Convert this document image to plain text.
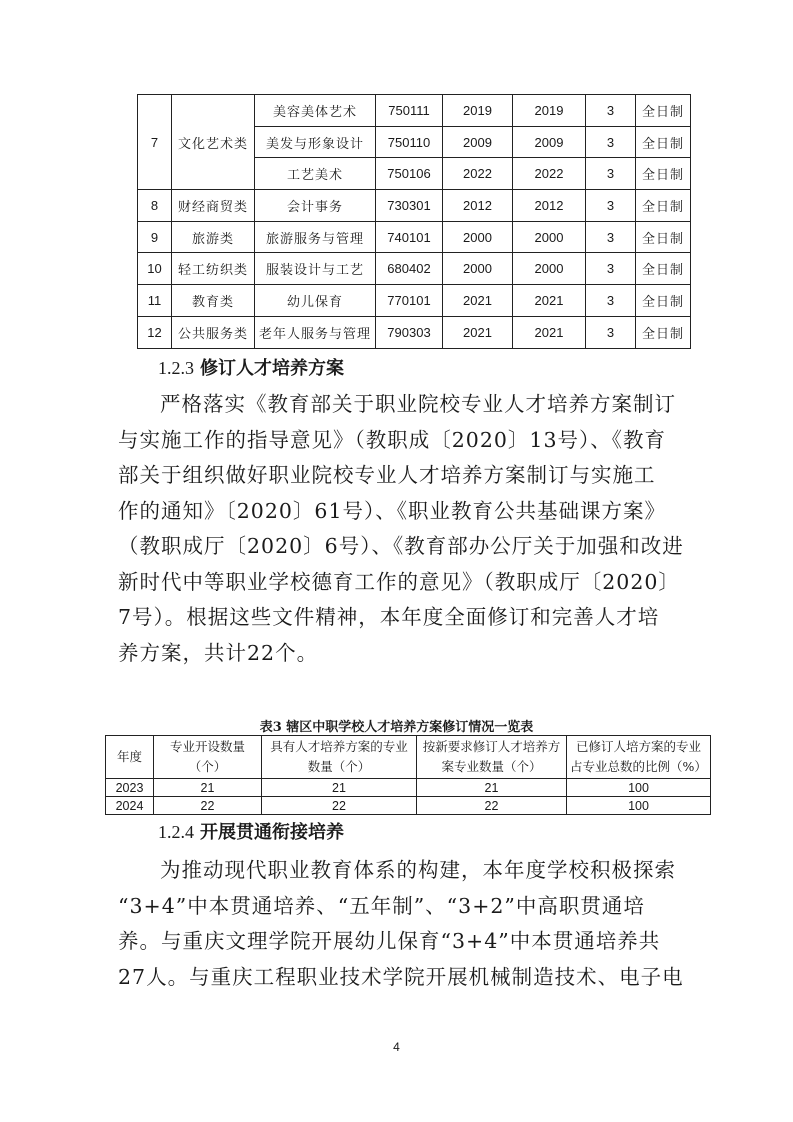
7	文化艺术类	美容美体艺术	750111	2019	2019	3	全日制
		美发与形象设计	750110	2009	2009	3	全日制
		工艺美术	750106	2022	2022	3	全日制
8	财经商贸类	会计事务	730301	2012	2012	3	全日制
9	旅游类	旅游服务与管理	740101	2000	2000	3	全日制
10	轻工纺织类	服装设计与工艺	680402	2000	2000	3	全日制
11	教育类	幼儿保育	770101	2021	2021	3	全日制
12	公共服务类	老年人服务与管理	790303	2021	2021	3	全日制
1.2.3 修订人才培养方案

严格落实《教育部关于职业院校专业人才培养方案制订

与实施工作的指导意见》（教职成〔2020〕13号）、《教育

部关于组织做好职业院校专业人才培养方案制订与实施工

作的通知》〔2020〕61号）、《职业教育公共基础课方案》

（教职成厅〔2020〕6号）、《教育部办公厅关于加强和改进

新时代中等职业学校德育工作的意见》（教职成厅〔2020〕

7号）。根据这些文件精神，本年度全面修订和完善人才培

养方案，共计22个。

表3 辖区中职学校人才培养方案修订情况一览表
年度	专业开设数量（个）	具有人才培养方案的专业数量（个）	按新要求修订人才培养方案专业数量（个）	已修订人培方案的专业占专业总数的比例（%）
2023	21	21	21	100
2024	22	22	22	100
1.2.4 开展贯通衔接培养

为推动现代职业教育体系的构建，本年度学校积极探索

“3+4”中本贯通培养、“五年制”、“3+2”中高职贯通培

养。与重庆文理学院开展幼儿保育“3+4”中本贯通培养共

27人。与重庆工程职业技术学院开展机械制造技术、电子电

4
